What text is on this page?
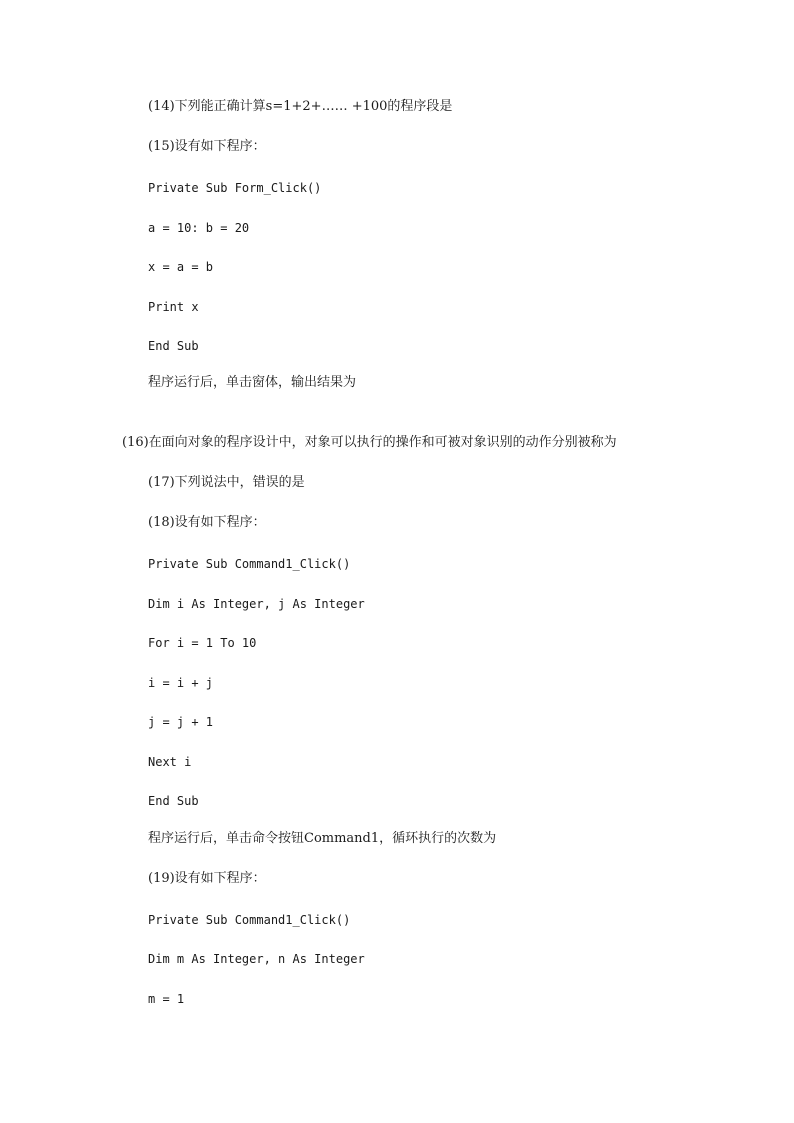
(14)下列能正确计算s=1+2+…… +100的程序段是
(15)设有如下程序：
Private Sub Form_Click()
a = 10: b = 20
x = a = b
Print x
End Sub
程序运行后，单击窗体，输出结果为
(16)在面向对象的程序设计中，对象可以执行的操作和可被对象识别的动作分别被称为
(17)下列说法中，错误的是
(18)设有如下程序：
Private Sub Command1_Click()
Dim i As Integer, j As Integer
For i = 1 To 10
i = i + j
j = j + 1
Next i
End Sub
程序运行后，单击命令按钮Command1，循环执行的次数为
(19)设有如下程序：
Private Sub Command1_Click()
Dim m As Integer, n As Integer
m = 1
